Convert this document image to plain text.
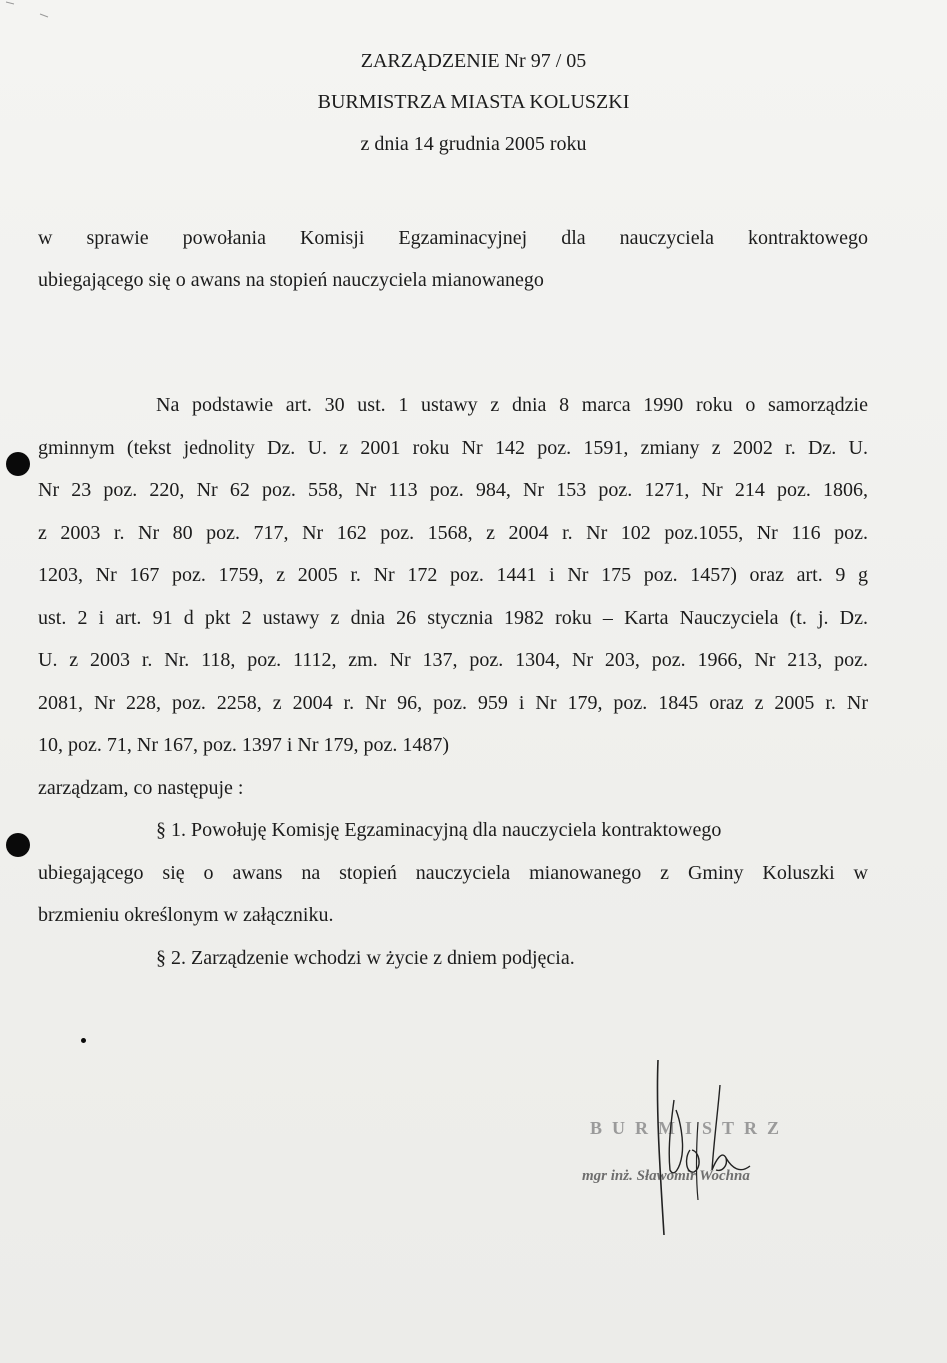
ZARZĄDZENIE Nr 97 / 05
BURMISTRZA MIASTA KOLUSZKI
z dnia 14 grudnia 2005 roku
w sprawie powołania Komisji Egzaminacyjnej dla nauczyciela kontraktowego
ubiegającego się o awans na stopień nauczyciela mianowanego
Na podstawie art. 30 ust. 1 ustawy z dnia 8 marca 1990 roku o samorządzie
gminnym (tekst jednolity Dz. U. z 2001 roku Nr 142 poz. 1591, zmiany z 2002 r. Dz. U.
Nr 23 poz. 220, Nr 62 poz. 558, Nr 113 poz. 984, Nr 153 poz. 1271, Nr 214 poz. 1806,
z 2003 r. Nr 80 poz. 717, Nr 162 poz. 1568, z 2004 r. Nr 102 poz.1055, Nr 116 poz.
1203, Nr 167 poz. 1759, z 2005 r. Nr 172 poz. 1441 i Nr 175 poz. 1457) oraz art. 9 g
ust. 2 i art. 91 d pkt 2 ustawy z dnia 26 stycznia 1982 roku – Karta Nauczyciela (t. j. Dz.
U. z 2003 r. Nr. 118, poz. 1112, zm. Nr 137, poz. 1304, Nr 203, poz. 1966, Nr 213, poz.
2081, Nr 228, poz. 2258, z 2004 r. Nr 96, poz. 959 i Nr 179, poz. 1845 oraz z 2005 r. Nr
10, poz. 71, Nr 167, poz. 1397 i Nr 179, poz. 1487)
zarządzam, co następuje :
§ 1. Powołuję Komisję Egzaminacyjną dla nauczyciela kontraktowego
ubiegającego się o awans na stopień nauczyciela mianowanego z Gminy Koluszki w
brzmieniu określonym w załączniku.
§ 2. Zarządzenie wchodzi w życie z dniem podjęcia.
BURMISTRZ
mgr inż. Sławomir Wochna
